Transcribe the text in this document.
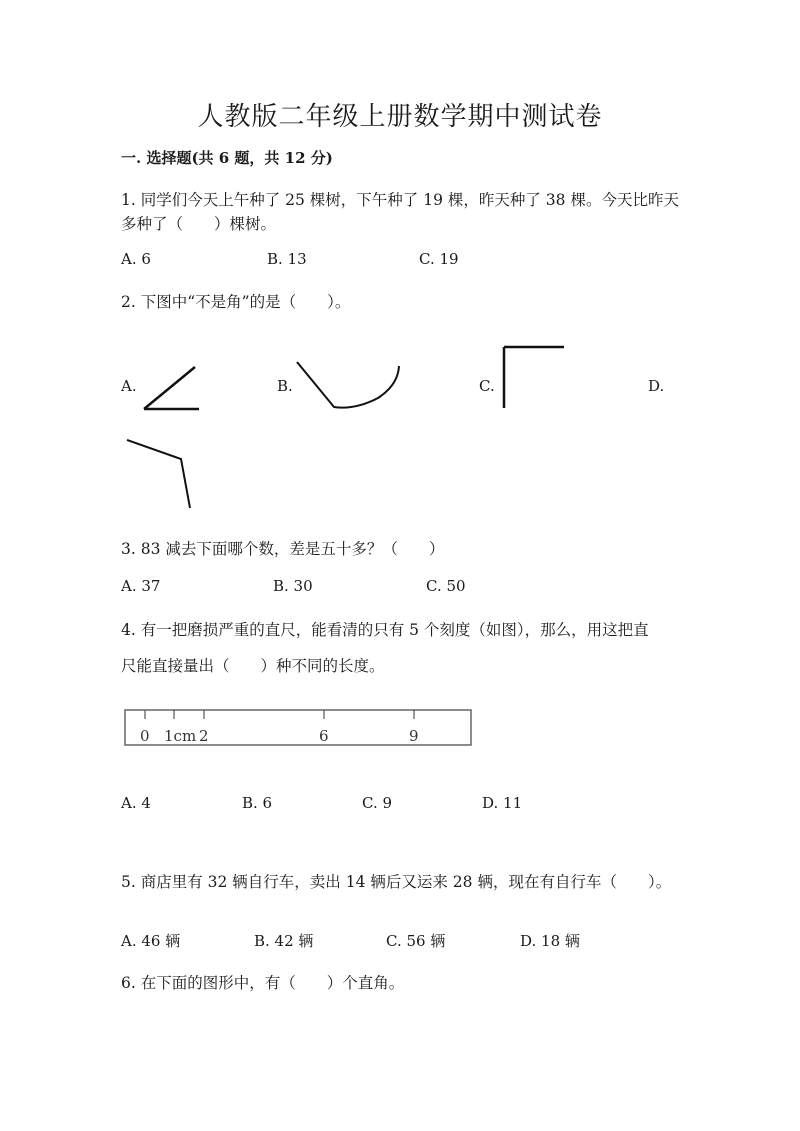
人教版二年级上册数学期中测试卷
一. 选择题(共 6 题，共 12 分)
1. 同学们今天上午种了 25 棵树，下午种了 19 棵，昨天种了 38 棵。今天比昨天
多种了（　　）棵树。
A. 6	B. 13	C. 19
2. 下图中“不是角”的是（　　）。
A.	B.	C.	D.
3. 83 减去下面哪个数，差是五十多？（　　）
A. 37	B. 30	C. 50
4. 有一把磨损严重的直尺，能看清的只有 5 个刻度（如图），那么，用这把直
尺能直接量出（　　）种不同的长度。
0 1cm 2	6	9
A. 4	B. 6	C. 9	D. 11
5. 商店里有 32 辆自行车，卖出 14 辆后又运来 28 辆，现在有自行车（　　）。
A. 46 辆	B. 42 辆	C. 56 辆	D. 18 辆
6. 在下面的图形中，有（　　）个直角。
